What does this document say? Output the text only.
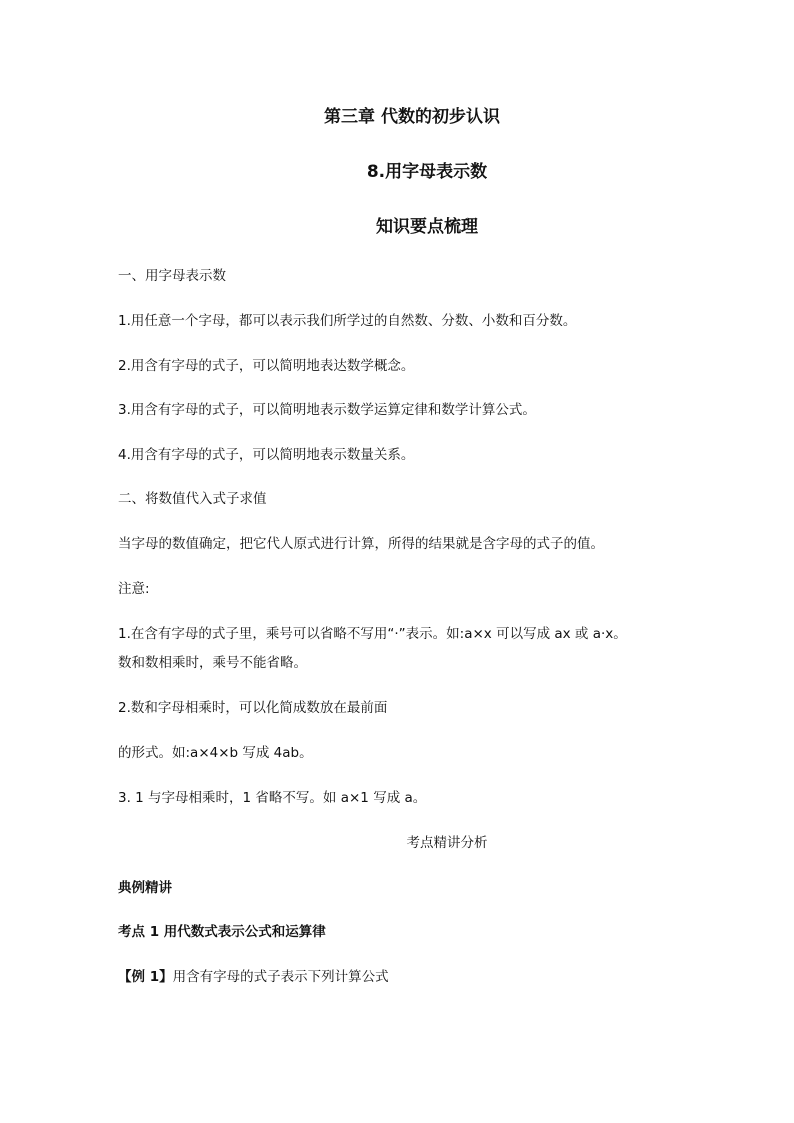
第三章 代数的初步认识
8.用字母表示数
知识要点梳理
一、用字母表示数
1.用任意一个字母，都可以表示我们所学过的自然数、分数、小数和百分数。
2.用含有字母的式子，可以简明地表达数学概念。
3.用含有字母的式子，可以简明地表示数学运算定律和数学计算公式。
4.用含有字母的式子，可以简明地表示数量关系。
二、将数值代入式子求值
当字母的数值确定，把它代人原式进行计算，所得的结果就是含字母的式子的值。
注意:
1.在含有字母的式子里，乘号可以省略不写用“·”表示。如:a×x 可以写成 ax 或 a·x。
数和数相乘时，乘号不能省略。
2.数和字母相乘时，可以化简成数放在最前面
的形式。如:a×4×b 写成 4ab。
3. 1 与字母相乘时，1 省略不写。如 a×1 写成 a。
考点精讲分析
典例精讲
考点 1 用代数式表示公式和运算律
【例 1】用含有字母的式子表示下列计算公式
